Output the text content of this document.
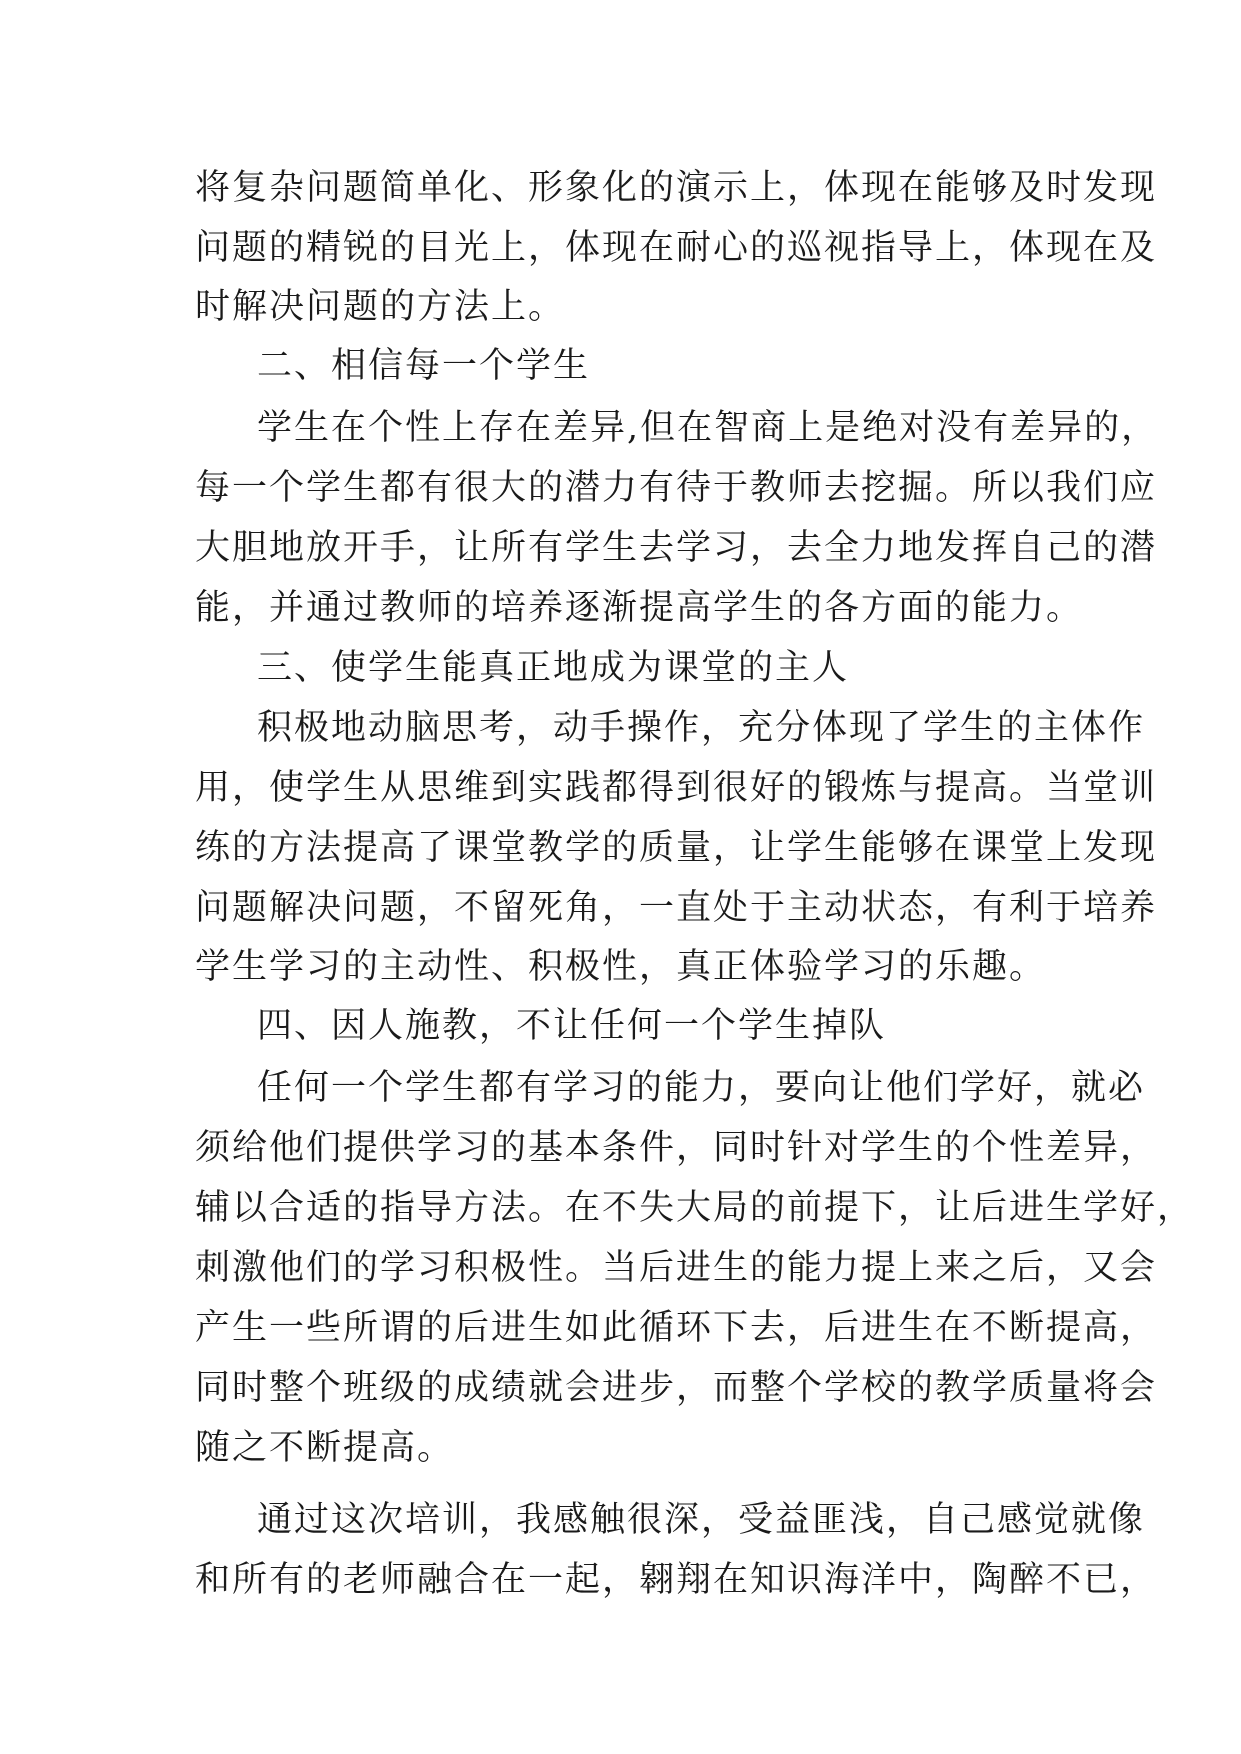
将复杂问题简单化、形象化的演示上，体现在能够及时发现
问题的精锐的目光上，体现在耐心的巡视指导上，体现在及
时解决问题的方法上。
二、相信每一个学生
学生在个性上存在差异,但在智商上是绝对没有差异的，
每一个学生都有很大的潜力有待于教师去挖掘。所以我们应
大胆地放开手，让所有学生去学习，去全力地发挥自己的潜
能，并通过教师的培养逐渐提高学生的各方面的能力。
三、使学生能真正地成为课堂的主人
积极地动脑思考，动手操作，充分体现了学生的主体作
用，使学生从思维到实践都得到很好的锻炼与提高。当堂训
练的方法提高了课堂教学的质量，让学生能够在课堂上发现
问题解决问题，不留死角，一直处于主动状态，有利于培养
学生学习的主动性、积极性，真正体验学习的乐趣。
四、因人施教，不让任何一个学生掉队
任何一个学生都有学习的能力，要向让他们学好，就必
须给他们提供学习的基本条件，同时针对学生的个性差异，
辅以合适的指导方法。在不失大局的前提下，让后进生学好，
刺激他们的学习积极性。当后进生的能力提上来之后，又会
产生一些所谓的后进生如此循环下去，后进生在不断提高，
同时整个班级的成绩就会进步，而整个学校的教学质量将会
随之不断提高。
通过这次培训，我感触很深，受益匪浅，自己感觉就像
和所有的老师融合在一起，翱翔在知识海洋中，陶醉不已，
